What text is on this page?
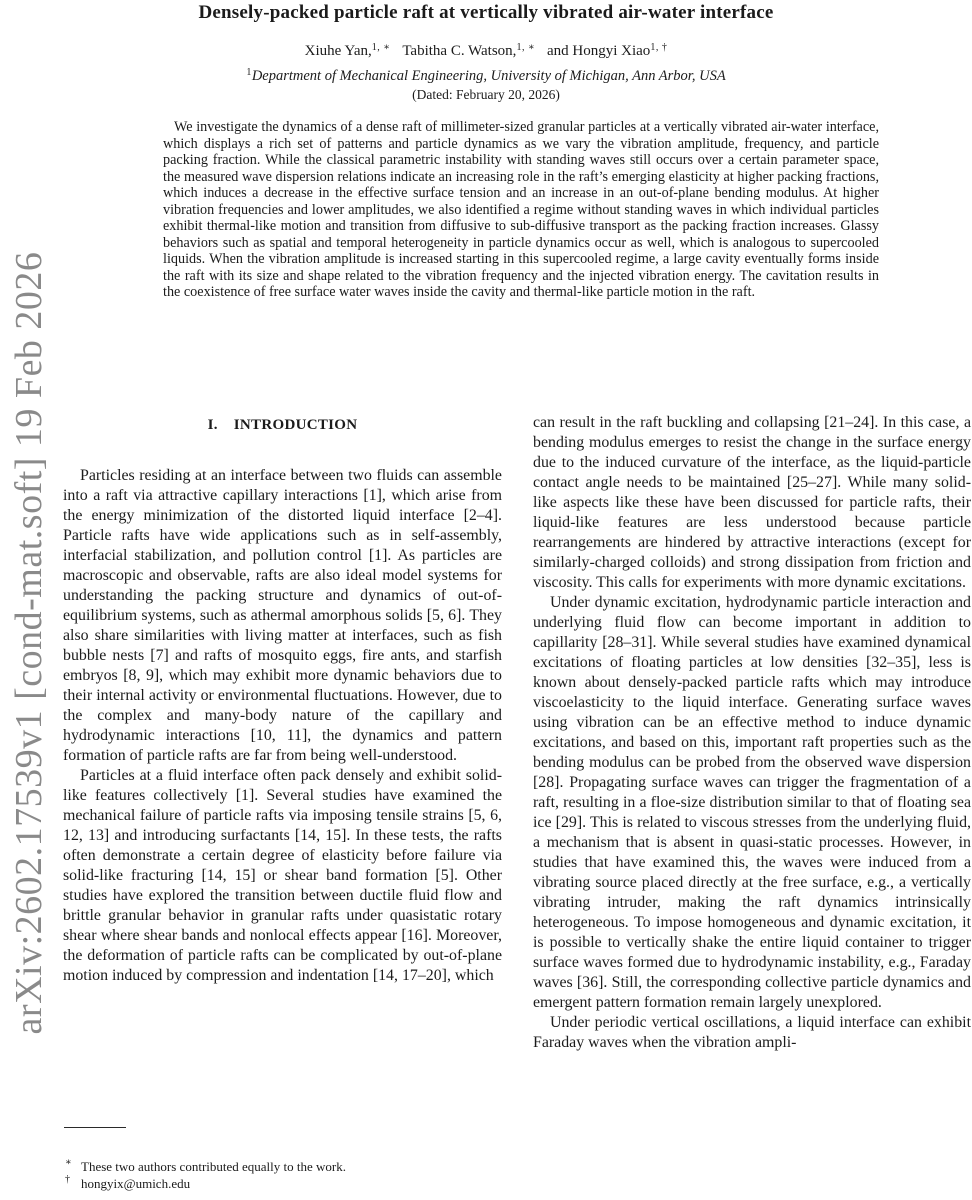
arXiv:2602.17539v1 [cond-mat.soft] 19 Feb 2026
Densely-packed particle raft at vertically vibrated air-water interface
Xiuhe Yan,$^{1, ∗}$ Tabitha C. Watson,$^{1, ∗}$ and Hongyi Xiao$^{1, \dagger}$
$^1$Department of Mechanical Engineering, University of Michigan, Ann Arbor, USA
(Dated: February 20, 2026)
We investigate the dynamics of a dense raft of millimeter-sized granular particles at a vertically vibrated air-water interface, which displays a rich set of patterns and particle dynamics as we vary the vibration amplitude, frequency, and particle packing fraction. While the classical parametric instability with standing waves still occurs over a certain parameter space, the measured wave dispersion relations indicate an increasing role in the raft’s emerging elasticity at higher packing fractions, which induces a decrease in the effective surface tension and an increase in an out-of-plane bending modulus. At higher vibration frequencies and lower amplitudes, we also identified a regime without standing waves in which individual particles exhibit thermal-like motion and transition from diffusive to sub-diffusive transport as the packing fraction increases. Glassy behaviors such as spatial and temporal heterogeneity in particle dynamics occur as well, which is analogous to supercooled liquids. When the vibration amplitude is increased starting in this supercooled regime, a large cavity eventually forms inside the raft with its size and shape related to the vibration frequency and the injected vibration energy. The cavitation results in the coexistence of free surface water waves inside the cavity and thermal-like particle motion in the raft.
I. INTRODUCTION

Particles residing at an interface between two fluids can assemble into a raft via attractive capillary interactions [1], which arise from the energy minimization of the distorted liquid interface [2–4]. Particle rafts have wide applications such as in self-assembly, interfacial stabilization, and pollution control [1]. As particles are macroscopic and observable, rafts are also ideal model systems for understanding the packing structure and dynamics of out-of-equilibrium systems, such as athermal amorphous solids [5, 6]. They also share similarities with living matter at interfaces, such as fish bubble nests [7] and rafts of mosquito eggs, fire ants, and starfish embryos [8, 9], which may exhibit more dynamic behaviors due to their internal activity or environmental fluctuations. However, due to the complex and many-body nature of the capillary and hydrodynamic interactions [10, 11], the dynamics and pattern formation of particle rafts are far from being well-understood.

Particles at a fluid interface often pack densely and exhibit solid-like features collectively [1]. Several studies have examined the mechanical failure of particle rafts via imposing tensile strains [5, 6, 12, 13] and introducing surfactants [14, 15]. In these tests, the rafts often demonstrate a certain degree of elasticity before failure via solid-like fracturing [14, 15] or shear band formation [5]. Other studies have explored the transition between ductile fluid flow and brittle granular behavior in granular rafts under quasistatic rotary shear where shear bands and nonlocal effects appear [16]. Moreover, the deformation of particle rafts can be complicated by out-of-plane motion induced by compression and indentation [14, 17–20], which

can result in the raft buckling and collapsing [21–24]. In this case, a bending modulus emerges to resist the change in the surface energy due to the induced curvature of the interface, as the liquid-particle contact angle needs to be maintained [25–27]. While many solid-like aspects like these have been discussed for particle rafts, their liquid-like features are less understood because particle rearrangements are hindered by attractive interactions (except for similarly-charged colloids) and strong dissipation from friction and viscosity. This calls for experiments with more dynamic excitations.

Under dynamic excitation, hydrodynamic particle interaction and underlying fluid flow can become important in addition to capillarity [28–31]. While several studies have examined dynamical excitations of floating particles at low densities [32–35], less is known about densely-packed particle rafts which may introduce viscoelasticity to the liquid interface. Generating surface waves using vibration can be an effective method to induce dynamic excitations, and based on this, important raft properties such as the bending modulus can be probed from the observed wave dispersion [28]. Propagating surface waves can trigger the fragmentation of a raft, resulting in a floe-size distribution similar to that of floating sea ice [29]. This is related to viscous stresses from the underlying fluid, a mechanism that is absent in quasi-static processes. However, in studies that have examined this, the waves were induced from a vibrating source placed directly at the free surface, e.g., a vertically vibrating intruder, making the raft dynamics intrinsically heterogeneous. To impose homogeneous and dynamic excitation, it is possible to vertically shake the entire liquid container to trigger surface waves formed due to hydrodynamic instability, e.g., Faraday waves [36]. Still, the corresponding collective particle dynamics and emergent pattern formation remain largely unexplored.

Under periodic vertical oscillations, a liquid interface can exhibit Faraday waves when the vibration ampli-

∗ These two authors contributed equally to the work.
† hongyix@umich.edu
